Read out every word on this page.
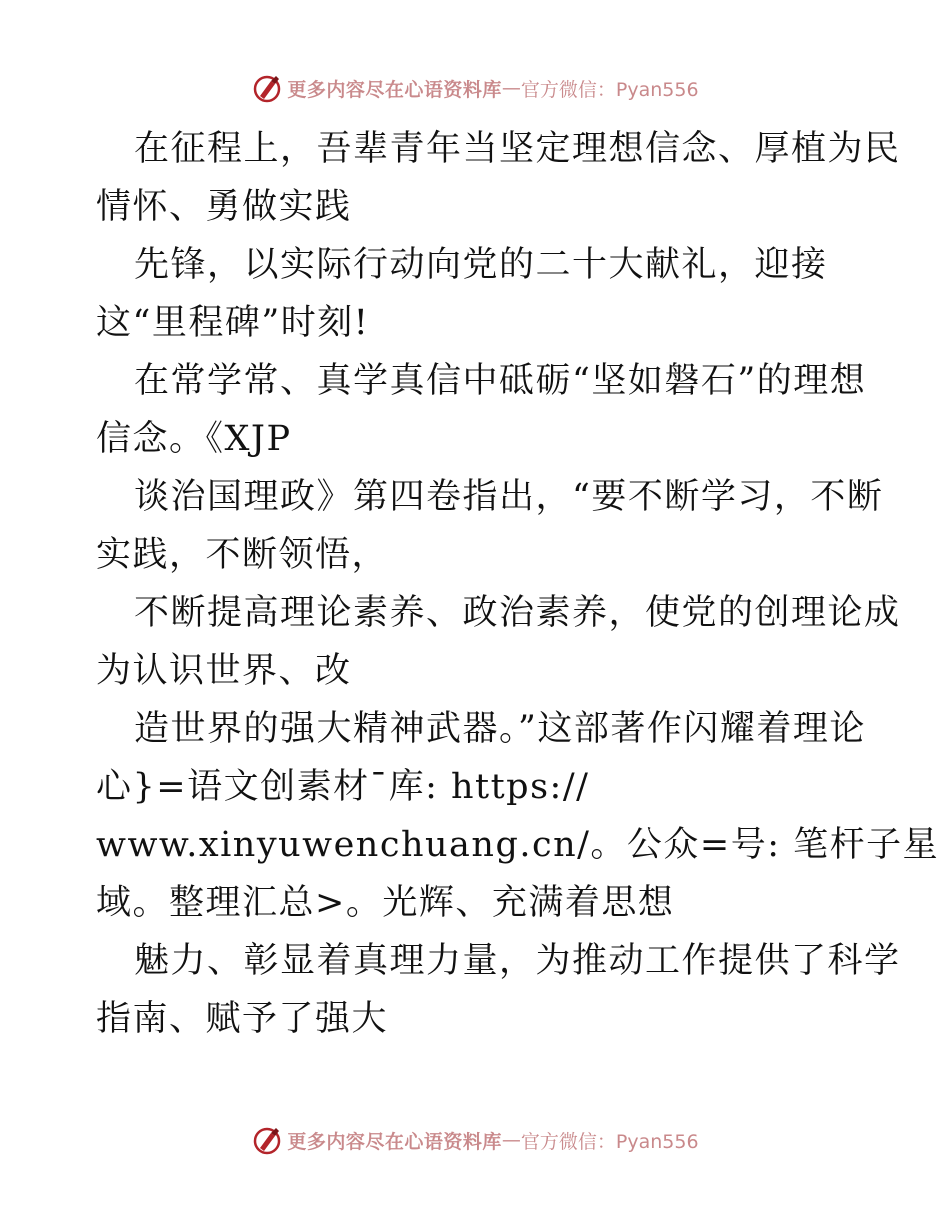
更多内容尽在心语资料库 — 官方微信：Pyan556
在征程上，吾辈青年当坚定理想信念、厚植为民
情怀、勇做实践
先锋，以实际行动向党的二十大献礼，迎接
这“里程碑”时刻!
在常学常、真学真信中砥砺“坚如磐石”的理想
信念。《XJP
谈治国理政》第四卷指出，“要不断学习，不断
实践，不断领悟，
不断提高理论素养、政治素养，使党的创理论成
为认识世界、改
造世界的强大精神武器。”这部著作闪耀着理论
心}=语文创素材¯库: https://
www.xinyuwenchuang.cn/。公众=号: 笔杆子星
域。整理汇总>。光辉、充满着思想
魅力、彰显着真理力量，为推动工作提供了科学
指南、赋予了强大
更多内容尽在心语资料库 — 官方微信：Pyan556
